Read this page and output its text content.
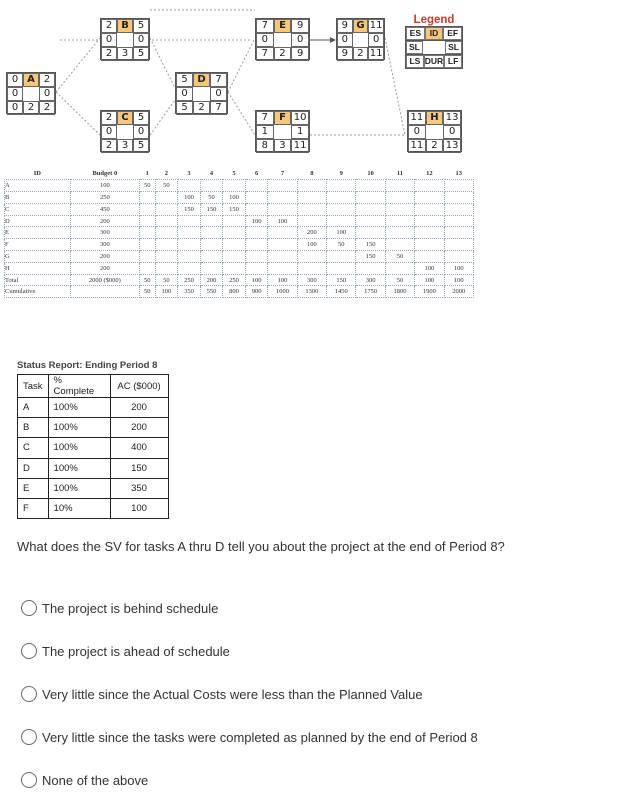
2 B 5
0	0
2 3 5
0 A 2
0	0
0 2 2
2 C 5
0	0
2 3 5
5 D 7
0	0
5	2	7
7	E	9
0	0
7	2	9
7	F 10
1	1
8	3 11
9 G 11
0	0
9 2 11
11 H 13
0	0
11 2 13
Legend
ES	ID	EF
SL	SL
LS DUR LF
ID	Budget 0	1	2	3	4	5	6	7	8	9	10	11	12	13
A	100	50	50											
B	250			100	50	100								
C	450			150	150	150								
D	200						100	100						
E	300								200	100				
F	300								100	50	150			
G	200										150	50		
H	200												100	100
Total	2000 ($000)	50	50	250	200	250	100	100	300	150	300	50	100	100
Cumulative		50	100	350	550	800	900	1000	1300	1450	1750	1800	1900	2000
Status Report: Ending Period 8
Task	% Complete	AC ($000)
A	100%	200
B	100%	200
C	100%	400
D	100%	150
E	100%	350
F	10%	100
What does the SV for tasks A thru D tell you about the project at the end of Period 8?
The project is behind schedule
The project is ahead of schedule
Very little since the Actual Costs were less than the Planned Value
Very little since the tasks were completed as planned by the end of Period 8
None of the above
